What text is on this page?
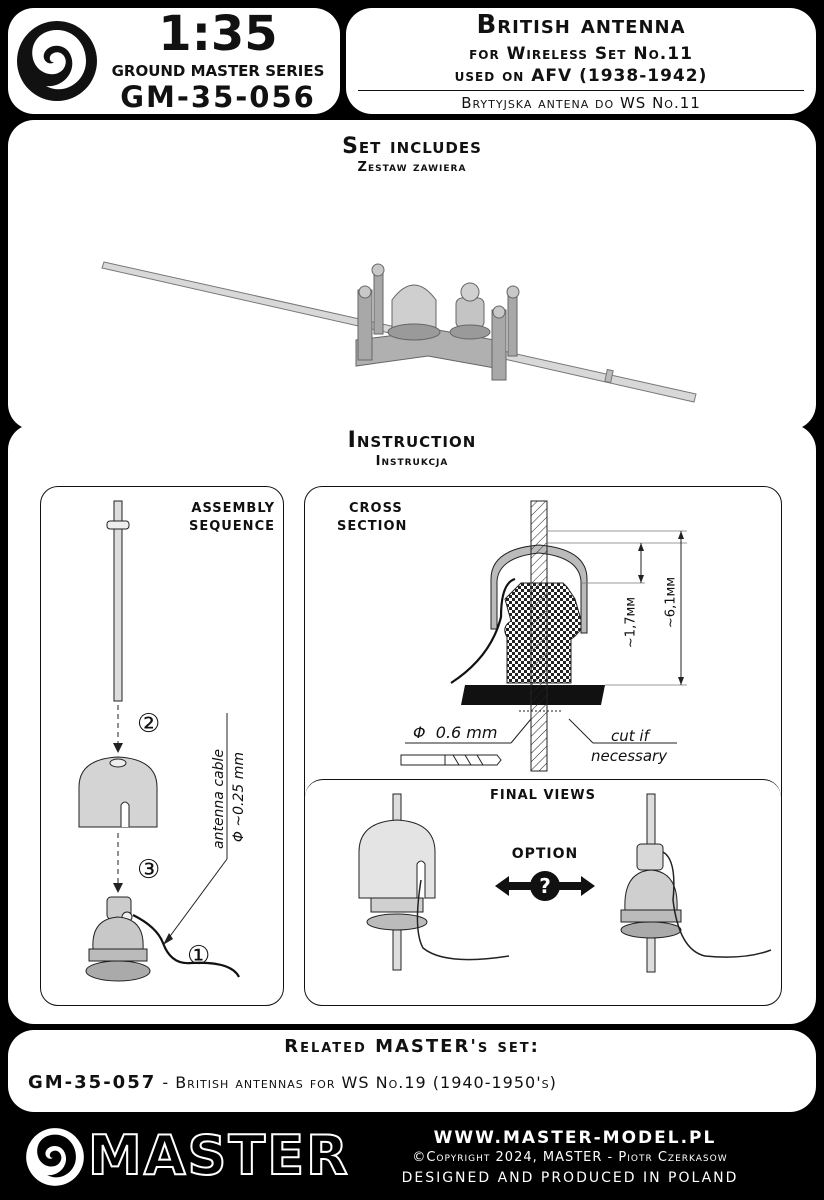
1:35
GROUND MASTER SERIES
GM-35-056
British antenna
for Wireless Set No.11
used on AFV (1938-1942)
Brytyjska antena do WS No.11
Set includes
Zestaw zawiera
Instruction
Instrukcja
ASSEMBLY
SEQUENCE
②
③
①
antenna cable Φ ~0.25 mm
CROSS
SECTION
~1,7мм ~6,1мм
Φ  0.6 mm	cut if
necessary
FINAL VIEWS
OPTION
?
Related MASTER's set:
GM-35-057 - British antennas for WS No.19 (1940-1950's)
MASTER	WWW.MASTER-MODEL.PL
©Copyright 2024, MASTER - Piotr Czerkasow
DESIGNED AND PRODUCED IN POLAND
